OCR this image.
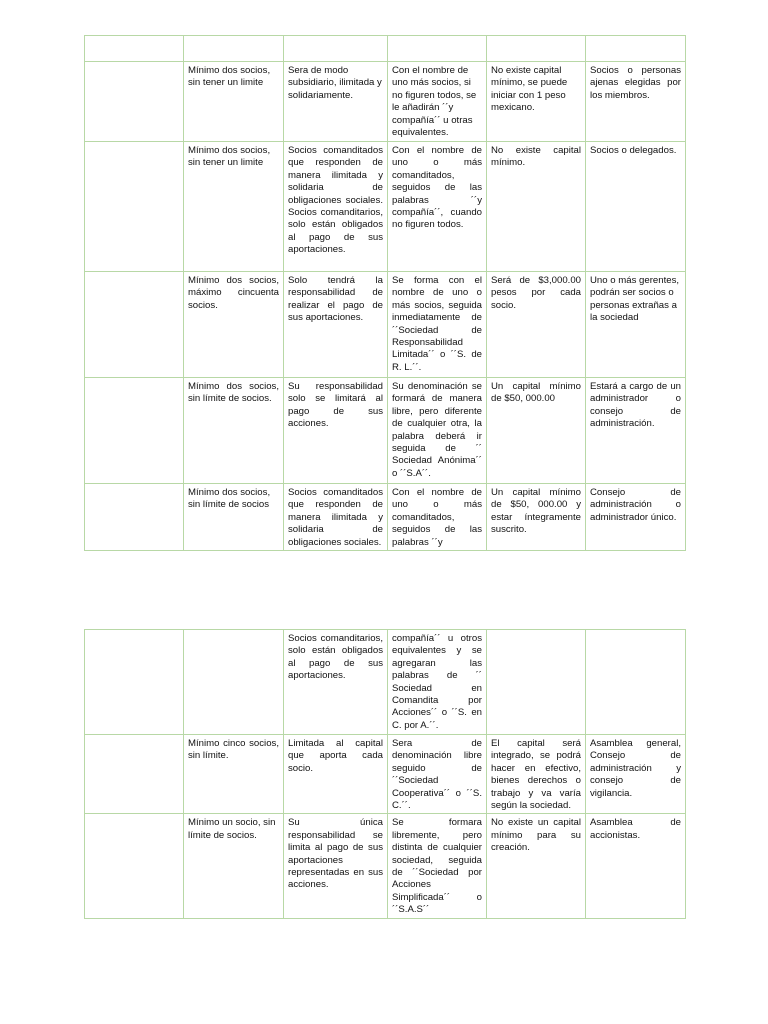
	Mínimo dos socios, sin tener un limite	Sera de modo subsidiario, ilimitada y solidariamente.	Con el nombre de uno más socios, si no figuren todos, se le añadirán ´´y compañía´´ u otras equivalentes.	No existe capital mínimo, se puede iniciar con 1 peso mexicano.	Socios o personas ajenas elegidas por los miembros.
	Mínimo dos socios, sin tener un limite	Socios comanditados que responden de manera ilimitada y solidaria de obligaciones sociales. Socios comanditarios, solo están obligados al pago de sus aportaciones.	Con el nombre de uno o más comanditados, seguidos de las palabras ´´y compañía´´, cuando no figuren todos.	No existe capital mínimo.	Socios o delegados.
	Mínimo dos socios, máximo cincuenta socios.	Solo tendrá la responsabilidad de realizar el pago de sus aportaciones.	Se forma con el nombre de uno o más socios, seguida inmediatamente de ´´Sociedad de Responsabilidad Limitada´´ o ´´S. de R. L.´´.	Será de $3,000.00 pesos por cada socio.	Uno o más gerentes, podrán ser socios o personas extrañas a la sociedad
	Mínimo dos socios, sin límite de socios.	Su responsabilidad solo se limitará al pago de sus acciones.	Su denominación se formará de manera libre, pero diferente de cualquier otra, la palabra deberá ir seguida de ´´ Sociedad Anónima´´ o ´´S.A´´.	Un capital mínimo de $50, 000.00	Estará a cargo de un administrador o consejo de administración.
	Mínimo dos socios, sin límite de socios	Socios comanditados que responden de manera ilimitada y solidaria de obligaciones sociales.	Con el nombre de uno o más comanditados, seguidos de las palabras ´´y	Un capital mínimo de $50, 000.00 y estar íntegramente suscrito.	Consejo de administración o administrador único.
		Socios comanditarios, solo están obligados al pago de sus aportaciones.	compañía´´ u otros equivalentes y se agregaran las palabras de ´´ Sociedad en Comandita por Acciones´´ o ´´S. en C. por A.´´.		
	Mínimo cinco socios, sin límite.	Limitada al capital que aporta cada socio.	Sera de denominación libre seguido de ´´Sociedad Cooperativa´´ o ´´S. C.´´.	El capital será integrado, se podrá hacer en efectivo, bienes derechos o trabajo y va varía según la sociedad.	Asamblea general, Consejo de administración y consejo de vigilancia.
	Mínimo un socio, sin límite de socios.	Su única responsabilidad se limita al pago de sus aportaciones representadas en sus acciones.	Se formara libremente, pero distinta de cualquier sociedad, seguida de ´´Sociedad por Acciones Simplificada´´ o ´´S.A.S´´	No existe un capital mínimo para su creación.	Asamblea de accionistas.
